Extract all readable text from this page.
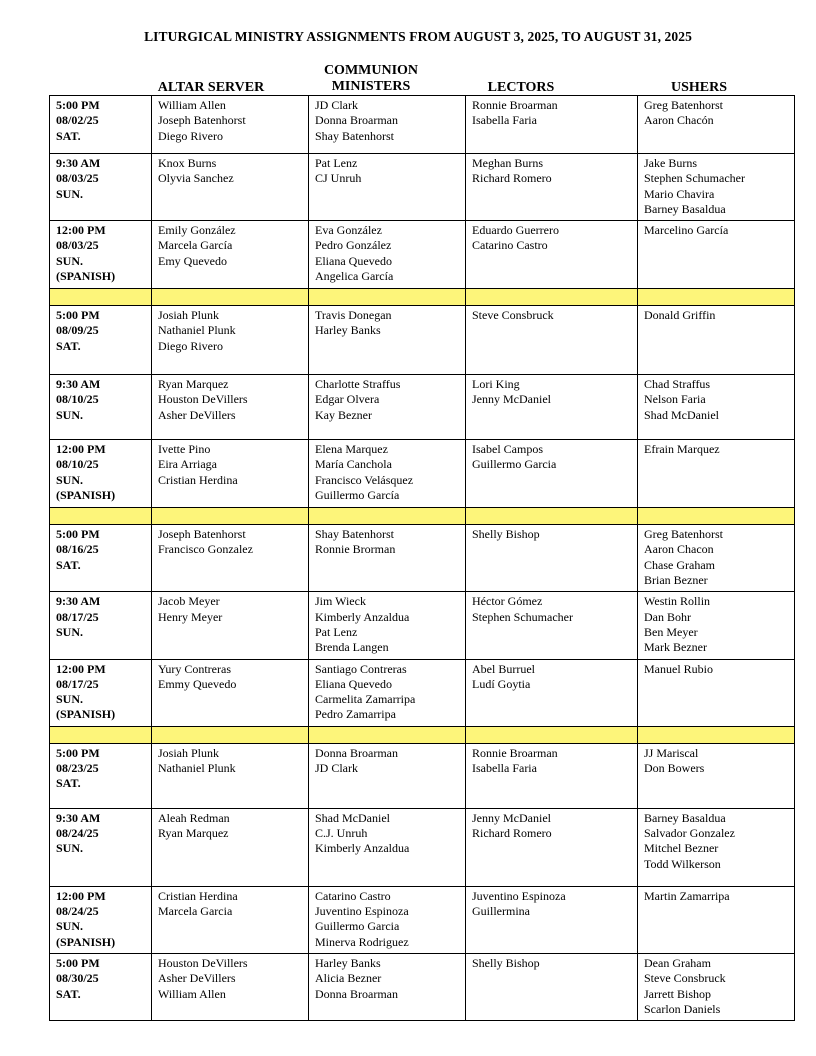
LITURGICAL MINISTRY ASSIGNMENTS FROM AUGUST 3, 2025, TO AUGUST 31, 2025
ALTAR SERVER
COMMUNION
MINISTERS	LECTORS	USHERS
5:00 PM
08/02/25
SAT.	William Allen
Joseph Batenhorst
Diego Rivero	JD Clark
Donna Broarman
Shay Batenhorst	Ronnie Broarman
Isabella Faria	Greg Batenhorst
Aaron Chacón

9:30 AM
08/03/25
SUN.	Knox Burns
Olyvia Sanchez	Pat Lenz
CJ Unruh	Meghan Burns
Richard Romero	Jake Burns
Stephen Schumacher
Mario Chavira
Barney Basaldua

12:00 PM
08/03/25
SUN.
(SPANISH)	Emily González
Marcela García
Emy Quevedo	Eva González
Pedro González
Eliana Quevedo
Angelica García	Eduardo Guerrero
Catarino Castro	Marcelino García

5:00 PM
08/09/25
SAT.	Josiah Plunk
Nathaniel Plunk
Diego Rivero	Travis Donegan
Harley Banks	Steve Consbruck	Donald Griffin

9:30 AM
08/10/25
SUN.	Ryan Marquez
Houston DeVillers
Asher DeVillers	Charlotte Straffus
Edgar Olvera
Kay Bezner	Lori King
Jenny McDaniel	Chad Straffus
Nelson Faria
Shad McDaniel

12:00 PM
08/10/25
SUN.
(SPANISH)	Ivette Pino
Eira Arriaga
Cristian Herdina	Elena Marquez
María Canchola
Francisco Velásquez
Guillermo García	Isabel Campos
Guillermo Garcia	Efrain Marquez

5:00 PM
08/16/25
SAT.	Joseph Batenhorst
Francisco Gonzalez	Shay Batenhorst
Ronnie Brorman	Shelly Bishop	Greg Batenhorst
Aaron Chacon
Chase Graham
Brian Bezner

9:30 AM
08/17/25
SUN.	Jacob Meyer
Henry Meyer	Jim Wieck
Kimberly Anzaldua
Pat Lenz
Brenda Langen	Héctor Gómez
Stephen Schumacher	Westin Rollin
Dan Bohr
Ben Meyer
Mark Bezner

12:00 PM
08/17/25
SUN.
(SPANISH)	Yury Contreras
Emmy Quevedo	Santiago Contreras
Eliana Quevedo
Carmelita Zamarripa
Pedro Zamarripa	Abel Burruel
Ludí Goytia	Manuel Rubio

5:00 PM
08/23/25
SAT.	Josiah Plunk
Nathaniel Plunk	Donna Broarman
JD Clark	Ronnie Broarman
Isabella Faria	JJ Mariscal
Don Bowers

9:30 AM
08/24/25
SUN.	Aleah Redman
Ryan Marquez	Shad McDaniel
C.J. Unruh
Kimberly Anzaldua	Jenny McDaniel
Richard Romero	Barney Basaldua
Salvador Gonzalez
Mitchel Bezner
Todd Wilkerson

12:00 PM
08/24/25
SUN.
(SPANISH)	Cristian Herdina
Marcela Garcia	Catarino Castro
Juventino Espinoza
Guillermo Garcia
Minerva Rodriguez	Juventino Espinoza
Guillermina	Martin Zamarripa

5:00 PM
08/30/25
SAT.	Houston DeVillers
Asher DeVillers
William Allen	Harley Banks
Alicia Bezner
Donna Broarman	Shelly Bishop	Dean Graham
Steve Consbruck
Jarrett Bishop
Scarlon Daniels
